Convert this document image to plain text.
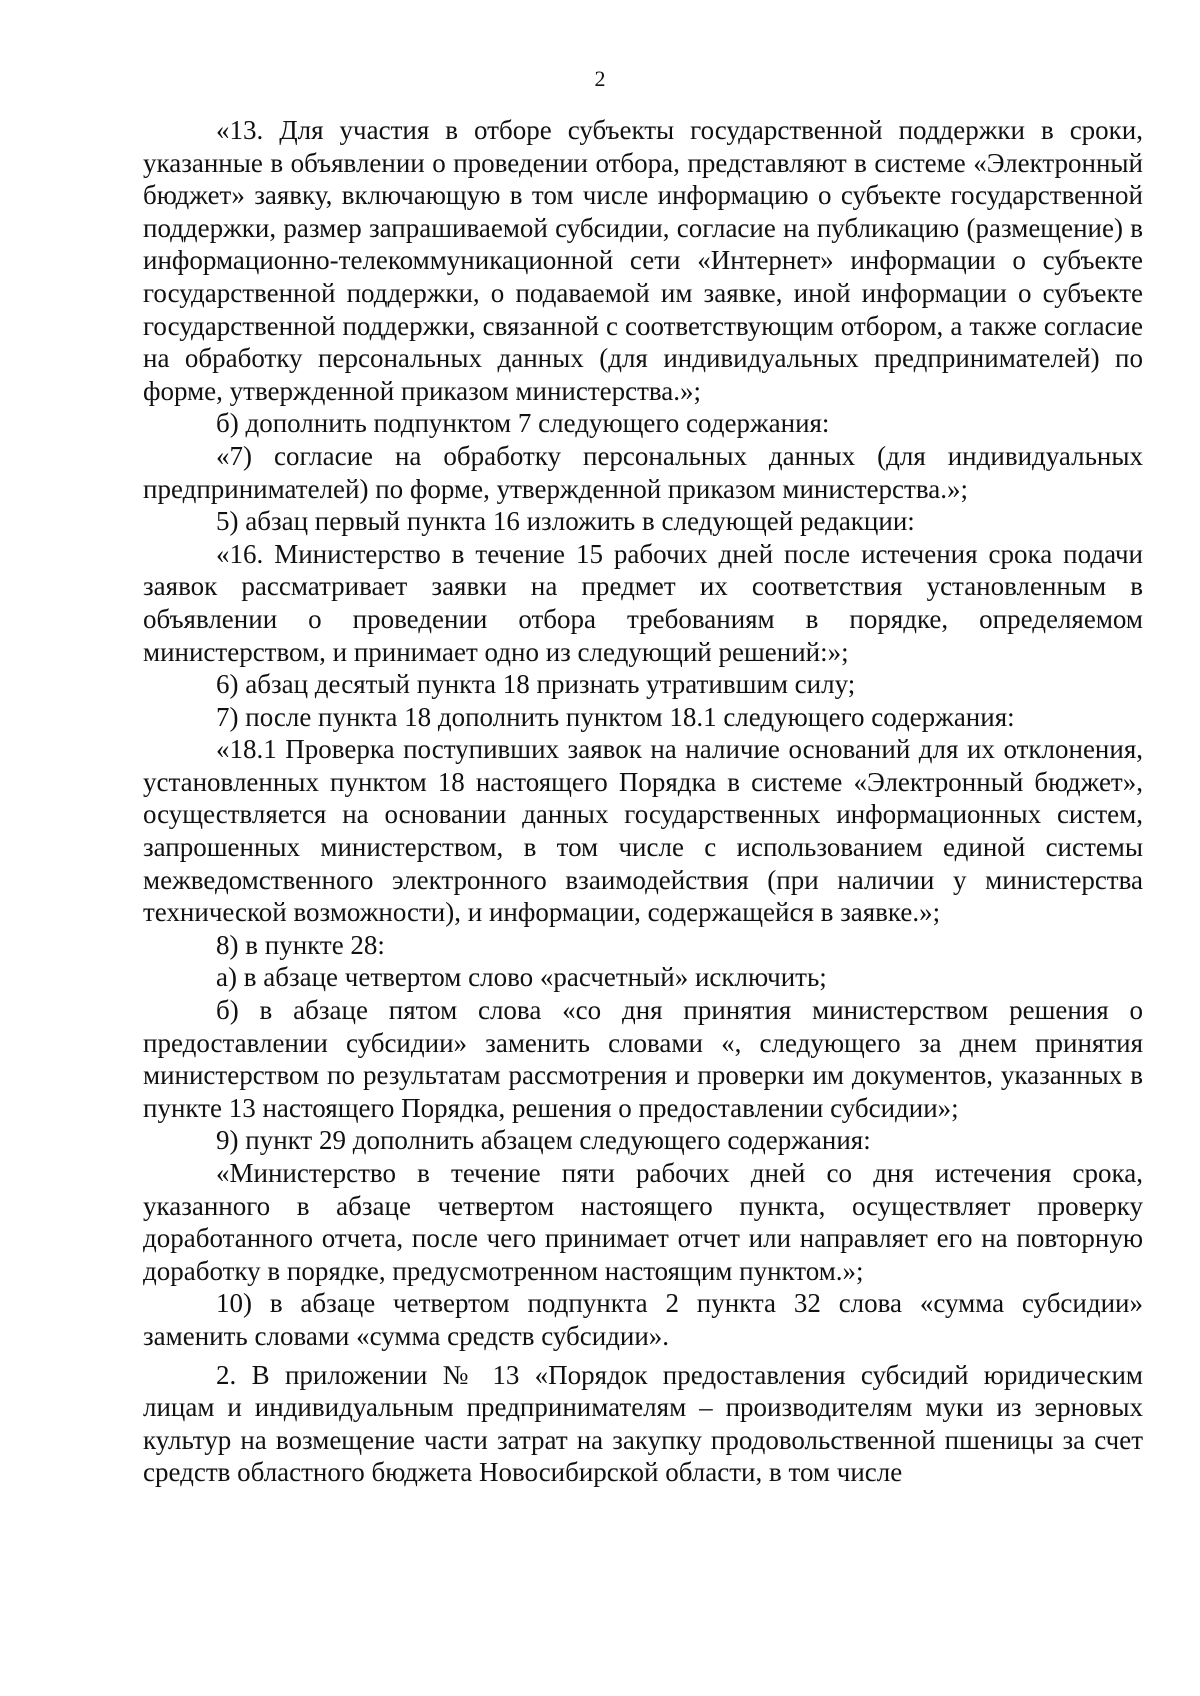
2

«13. Для участия в отборе субъекты государственной поддержки в сроки, указанные в объявлении о проведении отбора, представляют в системе «Электронный бюджет» заявку, включающую в том числе информацию о субъекте государственной поддержки, размер запрашиваемой субсидии, согласие на публикацию (размещение) в информационно-телекоммуникационной сети «Интернет» информации о субъекте государственной поддержки, о подаваемой им заявке, иной информации о субъекте государственной поддержки, связанной с соответствующим отбором, а также согласие на обработку персональных данных (для индивидуальных предпринимателей) по форме, утвержденной приказом министерства.»;

б) дополнить подпунктом 7 следующего содержания:

«7) согласие на обработку персональных данных (для индивидуальных предпринимателей) по форме, утвержденной приказом министерства.»;

5) абзац первый пункта 16 изложить в следующей редакции:

«16. Министерство в течение 15 рабочих дней после истечения срока подачи заявок рассматривает заявки на предмет их соответствия установленным в объявлении о проведении отбора требованиям в порядке, определяемом министерством, и принимает одно из следующий решений:»;

6) абзац десятый пункта 18 признать утратившим силу;

7) после пункта 18 дополнить пунктом 18.1 следующего содержания:

«18.1 Проверка поступивших заявок на наличие оснований для их отклонения, установленных пунктом 18 настоящего Порядка в системе «Электронный бюджет», осуществляется на основании данных государственных информационных систем, запрошенных министерством, в том числе с использованием единой системы межведомственного электронного взаимодействия (при наличии у министерства технической возможности), и информации, содержащейся в заявке.»;

8) в пункте 28:

а) в абзаце четвертом слово «расчетный» исключить;

б) в абзаце пятом слова «со дня принятия министерством решения о предоставлении субсидии» заменить словами «, следующего за днем принятия министерством по результатам рассмотрения и проверки им документов, указанных в пункте 13 настоящего Порядка, решения о предоставлении субсидии»;

9) пункт 29 дополнить абзацем следующего содержания:

«Министерство в течение пяти рабочих дней со дня истечения срока, указанного в абзаце четвертом настоящего пункта, осуществляет проверку доработанного отчета, после чего принимает отчет или направляет его на повторную доработку в порядке, предусмотренном настоящим пунктом.»;

10) в абзаце четвертом подпункта 2 пункта 32 слова «сумма субсидии» заменить словами «сумма средств субсидии».

2. В приложении № 13 «Порядок предоставления субсидий юридическим лицам и индивидуальным предпринимателям – производителям муки из зерновых культур на возмещение части затрат на закупку продовольственной пшеницы за счет средств областного бюджета Новосибирской области, в том числе
